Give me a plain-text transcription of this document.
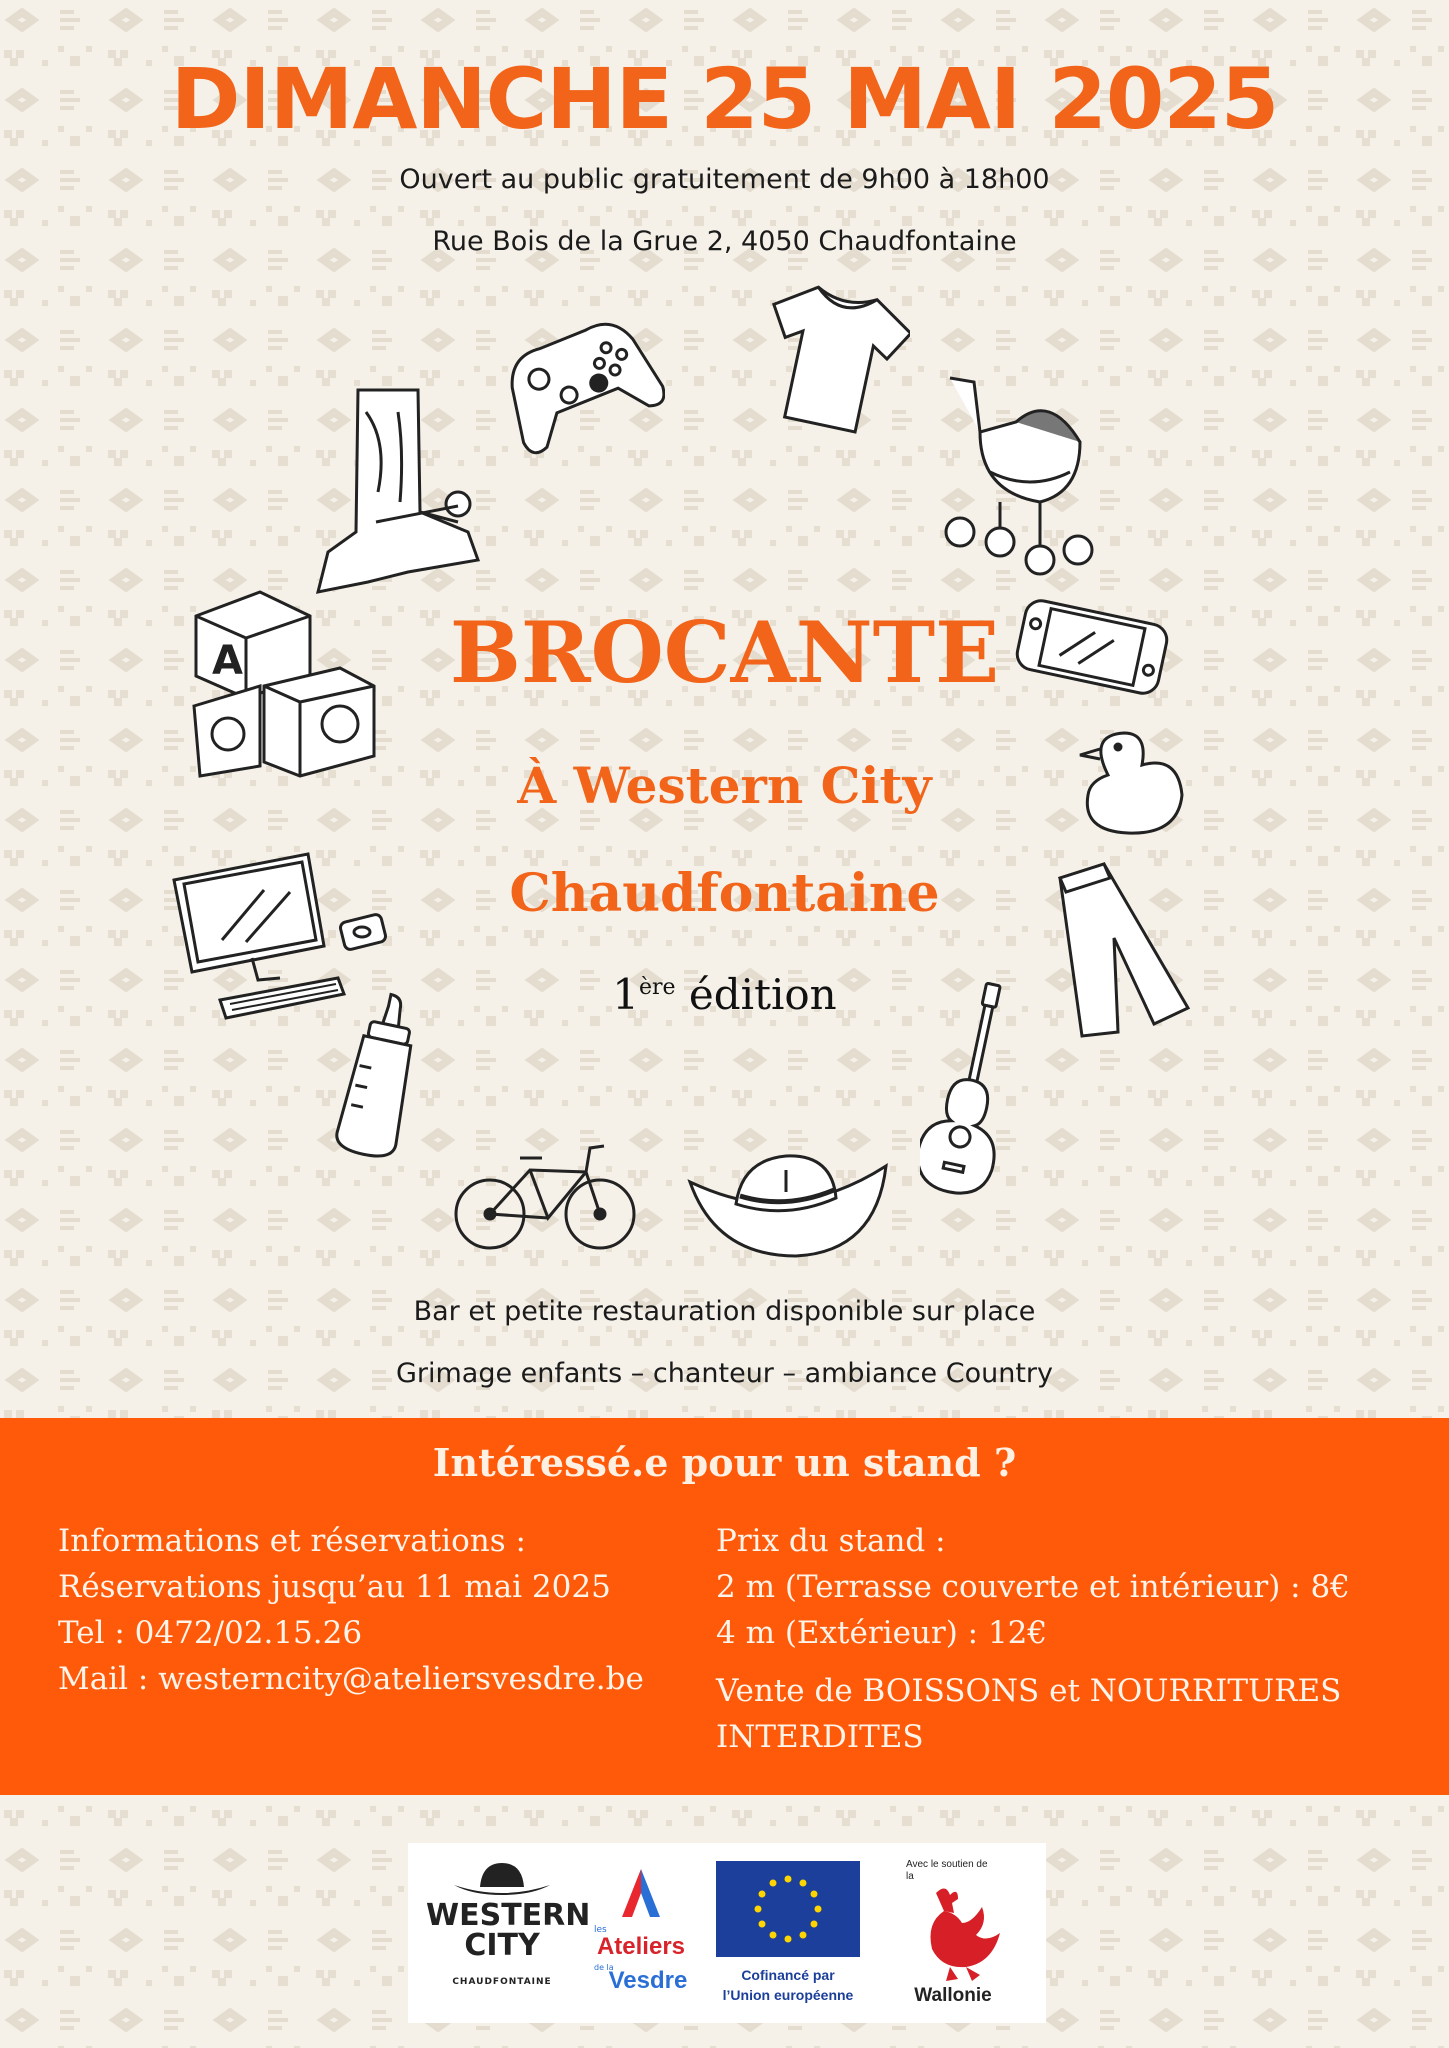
DIMANCHE 25 MAI 2025
Ouvert au public gratuitement de 9h00 à 18h00
Rue Bois de la Grue 2, 4050 Chaudfontaine
A	BROCANTE
À Western City
Chaudfontaine
1ère édition
Bar et petite restauration disponible sur place
Grimage enfants – chanteur – ambiance Country
Intéressé.e pour un stand ?
Informations et réservations :
Réservations jusqu’au 11 mai 2025
Tel : 0472/02.15.26
Mail : westerncity@ateliersvesdre.be
Prix du stand :
2 m (Terrasse couverte et intérieur) : 8€
4 m (Extérieur) : 12€
Vente de BOISSONS et NOURRITURES
INTERDITES
WESTERN
CITY
CHAUDFONTAINE
les
Ateliers
de la
Vesdre	Cofinancé par
l’Union européenne
Avec le soutien de
la
Wallonie
